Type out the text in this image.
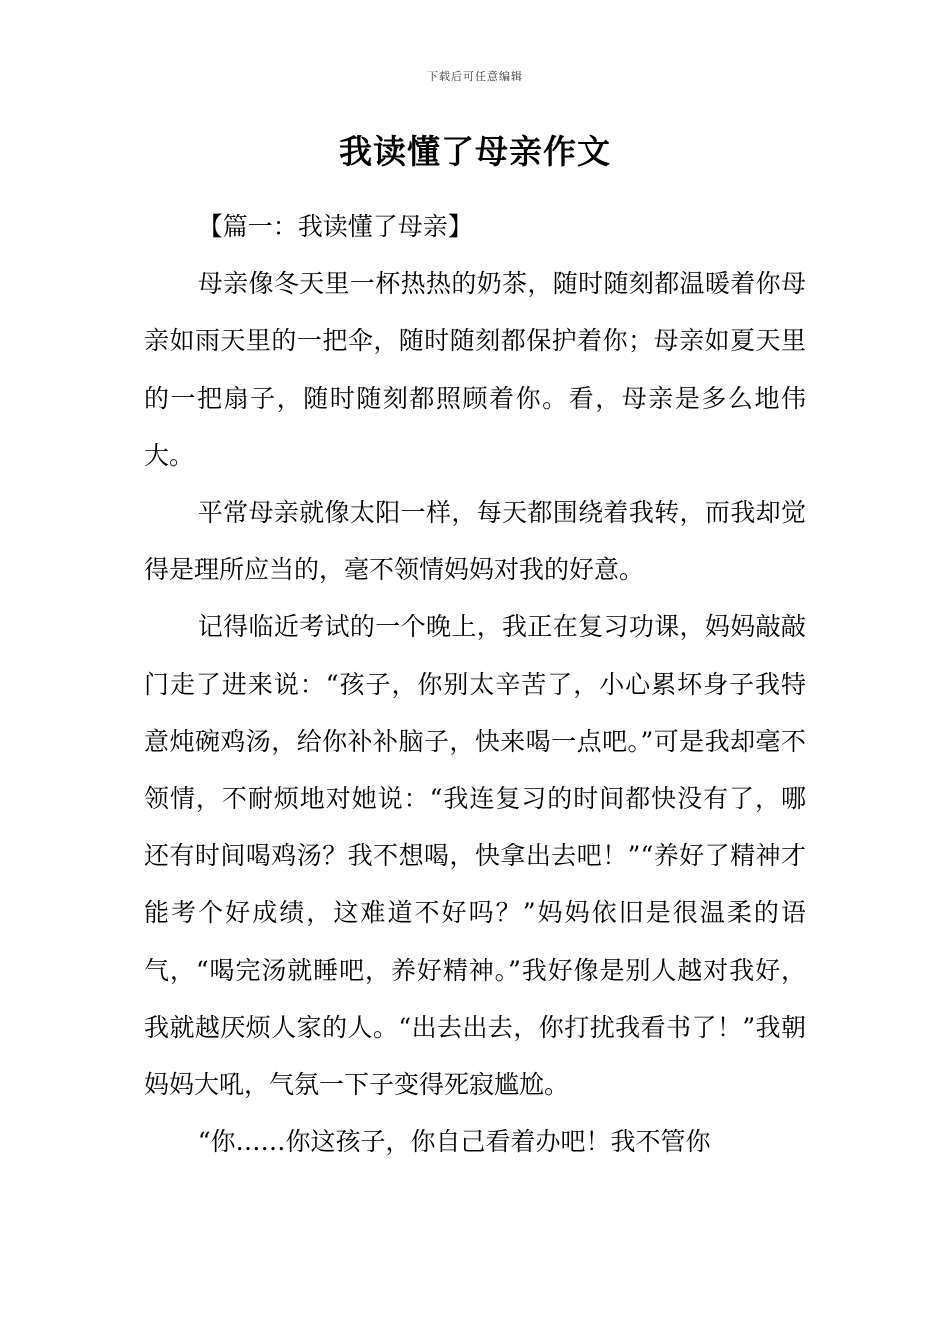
下载后可任意编辑
我读懂了母亲作文

【篇一：我读懂了母亲】

母亲像冬天里一杯热热的奶茶，随时随刻都温暖着你母亲如雨天里的一把伞，随时随刻都保护着你；母亲如夏天里的一把扇子，随时随刻都照顾着你。看，母亲是多么地伟大。

平常母亲就像太阳一样，每天都围绕着我转，而我却觉得是理所应当的，毫不领情妈妈对我的好意。

记得临近考试的一个晚上，我正在复习功课，妈妈敲敲门走了进来说：“孩子，你别太辛苦了，小心累坏身子我特意炖碗鸡汤，给你补补脑子，快来喝一点吧。”可是我却毫不领情，不耐烦地对她说：“我连复习的时间都快没有了，哪还有时间喝鸡汤？我不想喝，快拿出去吧！”“养好了精神才能考个好成绩，这难道不好吗？”妈妈依旧是很温柔的语气，“喝完汤就睡吧，养好精神。”我好像是别人越对我好，我就越厌烦人家的人。“出去出去，你打扰我看书了！”我朝妈妈大吼，气氛一下子变得死寂尴尬。

“你……你这孩子，你自己看着办吧！我不管你
